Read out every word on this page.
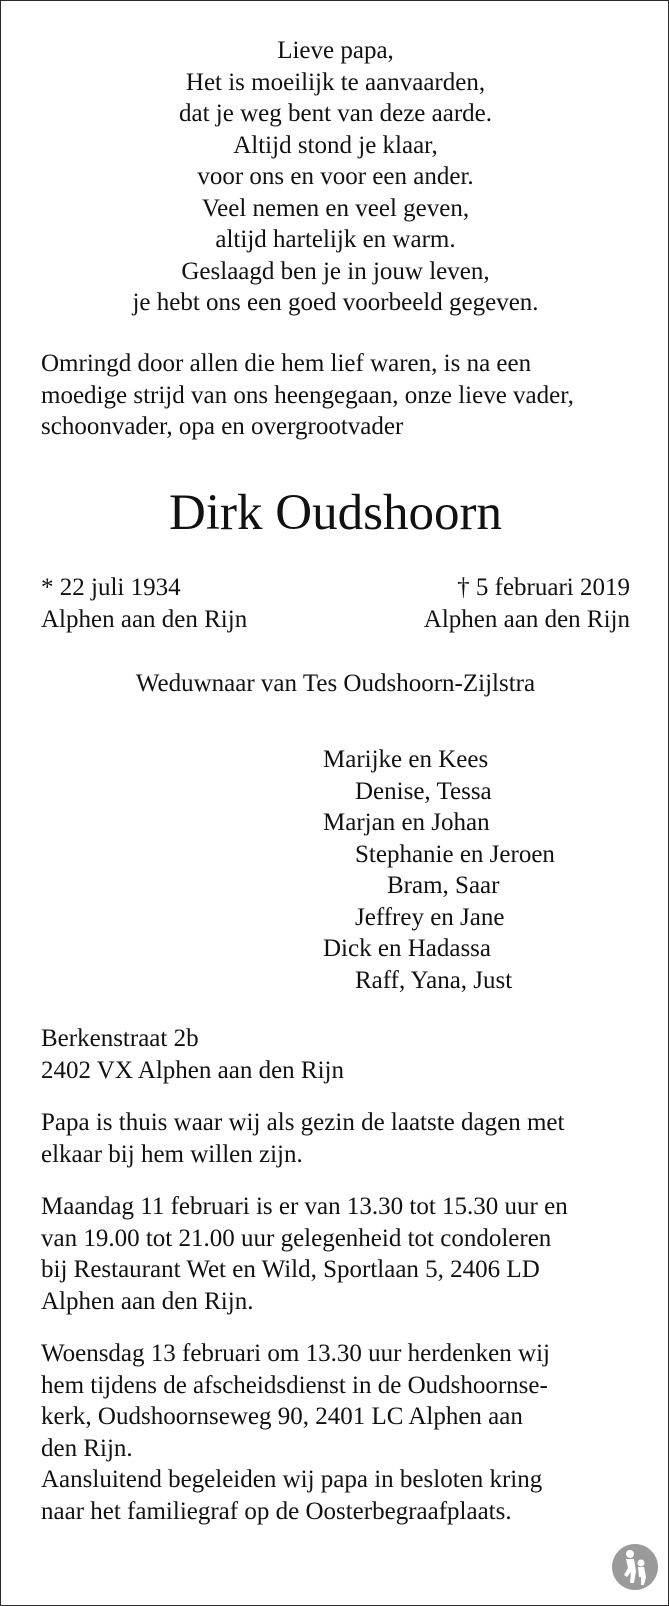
Lieve papa,
Het is moeilijk te aanvaarden,
dat je weg bent van deze aarde.
Altijd stond je klaar,
voor ons en voor een ander.
Veel nemen en veel geven,
altijd hartelijk en warm.
Geslaagd ben je in jouw leven,
je hebt ons een goed voorbeeld gegeven.
Omringd door allen die hem lief waren, is na een
moedige strijd van ons heengegaan, onze lieve vader,
schoonvader, opa en overgrootvader
Dirk Oudshoorn
* 22 juli 1934
Alphen aan den Rijn
† 5 februari 2019
Alphen aan den Rijn
Weduwnaar van Tes Oudshoorn-Zijlstra
Marijke en Kees
Denise, Tessa
Marjan en Johan
Stephanie en Jeroen
Bram, Saar
Jeffrey en Jane
Dick en Hadassa
Raff, Yana, Just
Berkenstraat 2b
2402 VX Alphen aan den Rijn
Papa is thuis waar wij als gezin de laatste dagen met
elkaar bij hem willen zijn.
Maandag 11 februari is er van 13.30 tot 15.30 uur en
van 19.00 tot 21.00 uur gelegenheid tot condoleren
bij Restaurant Wet en Wild, Sportlaan 5, 2406 LD
Alphen aan den Rijn.
Woensdag 13 februari om 13.30 uur herdenken wij
hem tijdens de afscheidsdienst in de Oudshoornse-
kerk, Oudshoornseweg 90, 2401 LC Alphen aan
den Rijn.
Aansluitend begeleiden wij papa in besloten kring
naar het familiegraf op de Oosterbegraafplaats.
